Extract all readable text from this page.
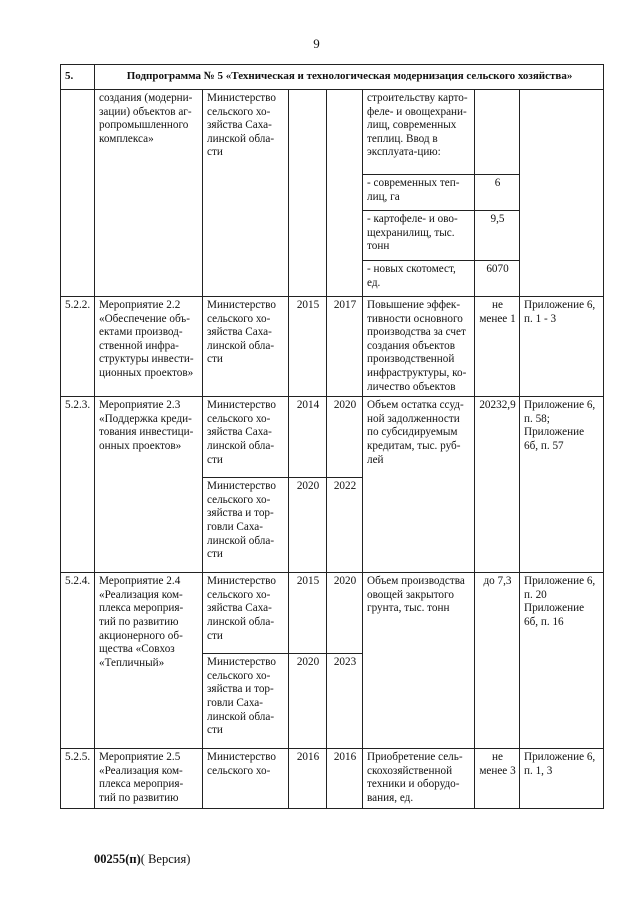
9
5.	Подпрограмма № 5 «Техническая и технологическая модернизация сельского хозяйства»						
	создания (модерни-зации) объектов аг-ропромышленного комплекса»	Министерство сельского хо-зяйства Саха-линской обла-сти			строительству карто-феле- и овощехрани-лищ, современных теплиц. Ввод в эксплуата-цию:		
					- современных теп-лиц, га	6	
					- картофеле- и ово-щехранилищ, тыс. тонн	9,5	
					- новых скотомест, ед.	6070	
5.2.2.	Мероприятие 2.2 «Обеспечение объ-ектами производ-ственной инфра-структуры инвести-ционных проектов»	Министерство сельского хо-зяйства Саха-линской обла-сти	2015	2017	Повышение эффек-тивности основного производства за счет создания объектов производственной инфраструктуры, ко-личество объектов	не менее 1	Приложение 6, п. 1 - 3
5.2.3.	Мероприятие 2.3 «Поддержка креди-тования инвестици-онных проектов»	Министерство сельского хо-зяйства Саха-линской обла-сти	2014	2020	Объем остатка ссуд-ной задолженности по субсидируемым кредитам, тыс. руб-лей	20232,9	Приложение 6, п. 58; Приложение 6б, п. 57
		Министерство сельского хо-зяйства и тор-говли Саха-линской обла-сти	2020	2022			
5.2.4.	Мероприятие 2.4 «Реализация ком-плекса мероприя-тий по развитию акционерного об-щества «Совхоз «Тепличный»	Министерство сельского хо-зяйства Саха-линской обла-сти	2015	2020	Объем производства овощей закрытого грунта, тыс. тонн	до 7,3	Приложение 6, п. 20 Приложение 6б, п. 16
		Министерство сельского хо-зяйства и тор-говли Саха-линской обла-сти	2020	2023			
5.2.5.	Мероприятие 2.5 «Реализация ком-плекса мероприя-тий по развитию	Министерство сельского хо-	2016	2016	Приобретение сель-скохозяйственной техники и оборудо-вания, ед.	не менее 3	Приложение 6, п. 1, 3
00255(п)( Версия)
